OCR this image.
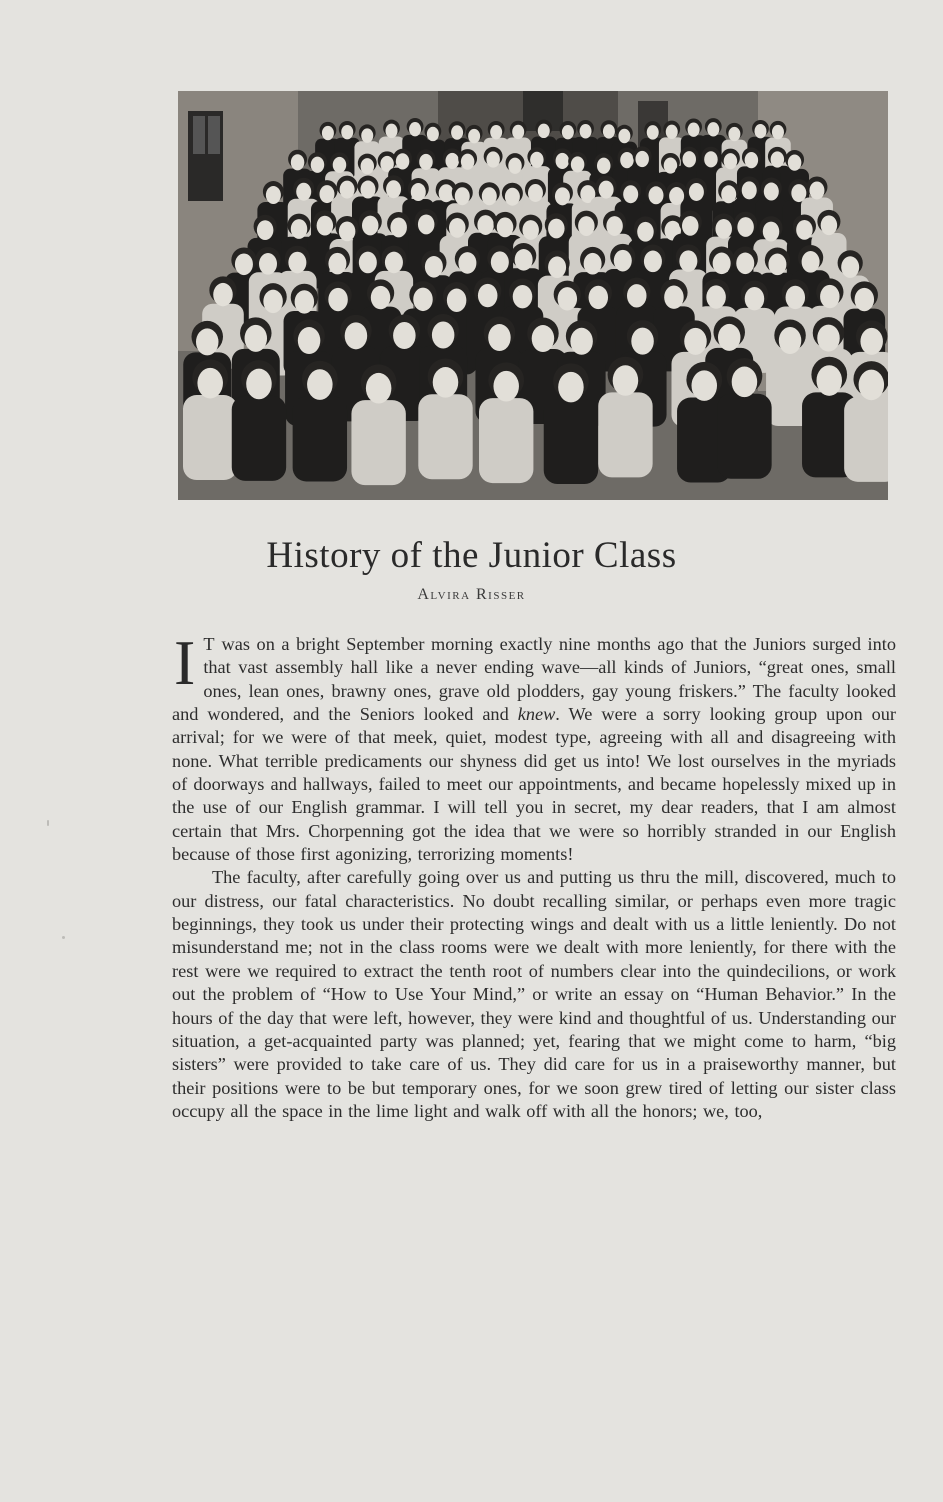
History of the Junior Class
Alvira Risser

I T was on a bright September morning exactly nine months ago that the Juniors surged into that vast assembly hall like a never ending wave—all kinds of Juniors, “great ones, small ones, lean ones, brawny ones, grave old plodders, gay young friskers.” The faculty looked and wondered, and the Seniors looked and knew. We were a sorry looking group upon our arrival; for we were of that meek, quiet, modest type, agreeing with all and disagreeing with none. What terrible predicaments our shyness did get us into! We lost ourselves in the myriads of doorways and hallways, failed to meet our appointments, and became hopelessly mixed up in the use of our English grammar. I will tell you in secret, my dear readers, that I am almost certain that Mrs. Chorpenning got the idea that we were so horribly stranded in our English because of those first agonizing, terrorizing moments!

The faculty, after carefully going over us and putting us thru the mill, discovered, much to our distress, our fatal characteristics. No doubt recalling similar, or perhaps even more tragic beginnings, they took us under their protecting wings and dealt with us a little leniently. Do not misunderstand me; not in the class rooms were we dealt with more leniently, for there with the rest were we required to extract the tenth root of numbers clear into the quindecilions, or work out the problem of “How to Use Your Mind,” or write an essay on “Human Behavior.” In the hours of the day that were left, however, they were kind and thoughtful of us. Understanding our situation, a get-acquainted party was planned; yet, fearing that we might come to harm, “big sisters” were provided to take care of us. They did care for us in a praiseworthy manner, but their positions were to be but temporary ones, for we soon grew tired of letting our sister class occupy all the space in the lime light and walk off with all the honors; we, too,
